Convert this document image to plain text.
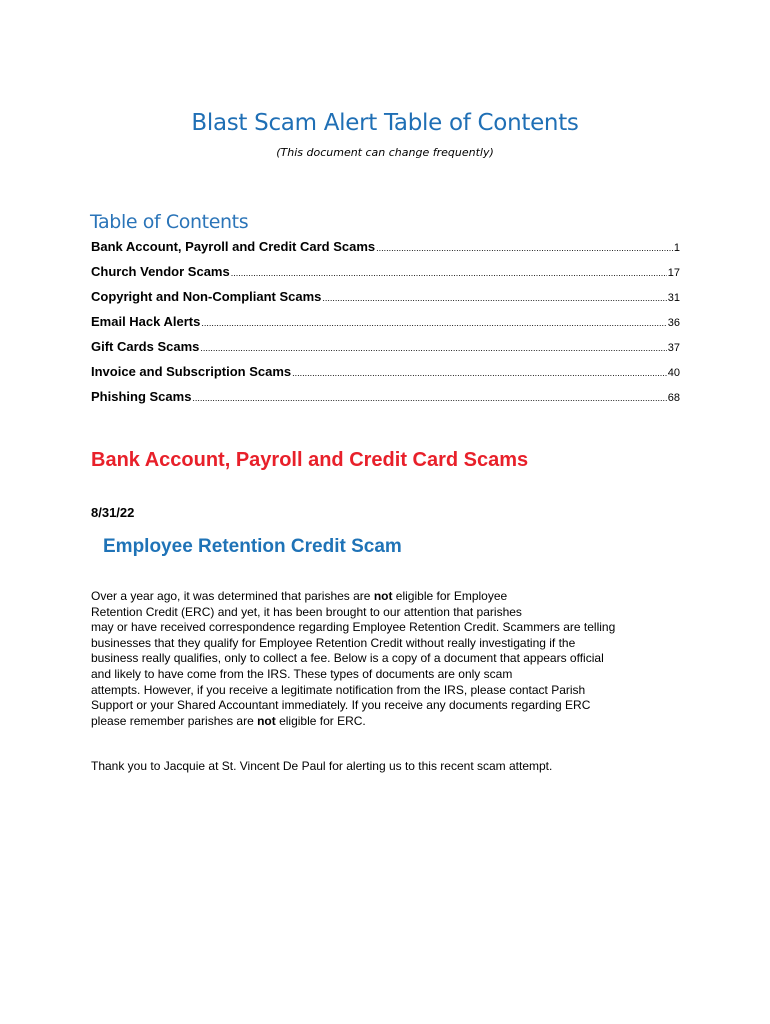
Blast Scam Alert Table of Contents
(This document can change frequently)
Table of Contents
Bank Account, Payroll and Credit Card Scams .....	1
Church Vendor Scams .....	17
Copyright and Non-Compliant Scams .....	31
Email Hack Alerts .....	36
Gift Cards Scams .....	37
Invoice and Subscription Scams .....	40
Phishing Scams .....	68
Bank Account, Payroll and Credit Card Scams
8/31/22
Employee Retention Credit Scam

Over a year ago, it was determined that parishes are not eligible for Employee

Retention Credit (ERC) and yet, it has been brought to our attention that parishes

may or have received correspondence regarding Employee Retention Credit. Scammers are telling

businesses that they qualify for Employee Retention Credit without really investigating if the

business really qualifies, only to collect a fee. Below is a copy of a document that appears official

and likely to have come from the IRS. These types of documents are only scam

attempts. However, if you receive a legitimate notification from the IRS, please contact Parish

Support or your Shared Accountant immediately. If you receive any documents regarding ERC

please remember parishes are not eligible for ERC.

Thank you to Jacquie at St. Vincent De Paul for alerting us to this recent scam attempt.
